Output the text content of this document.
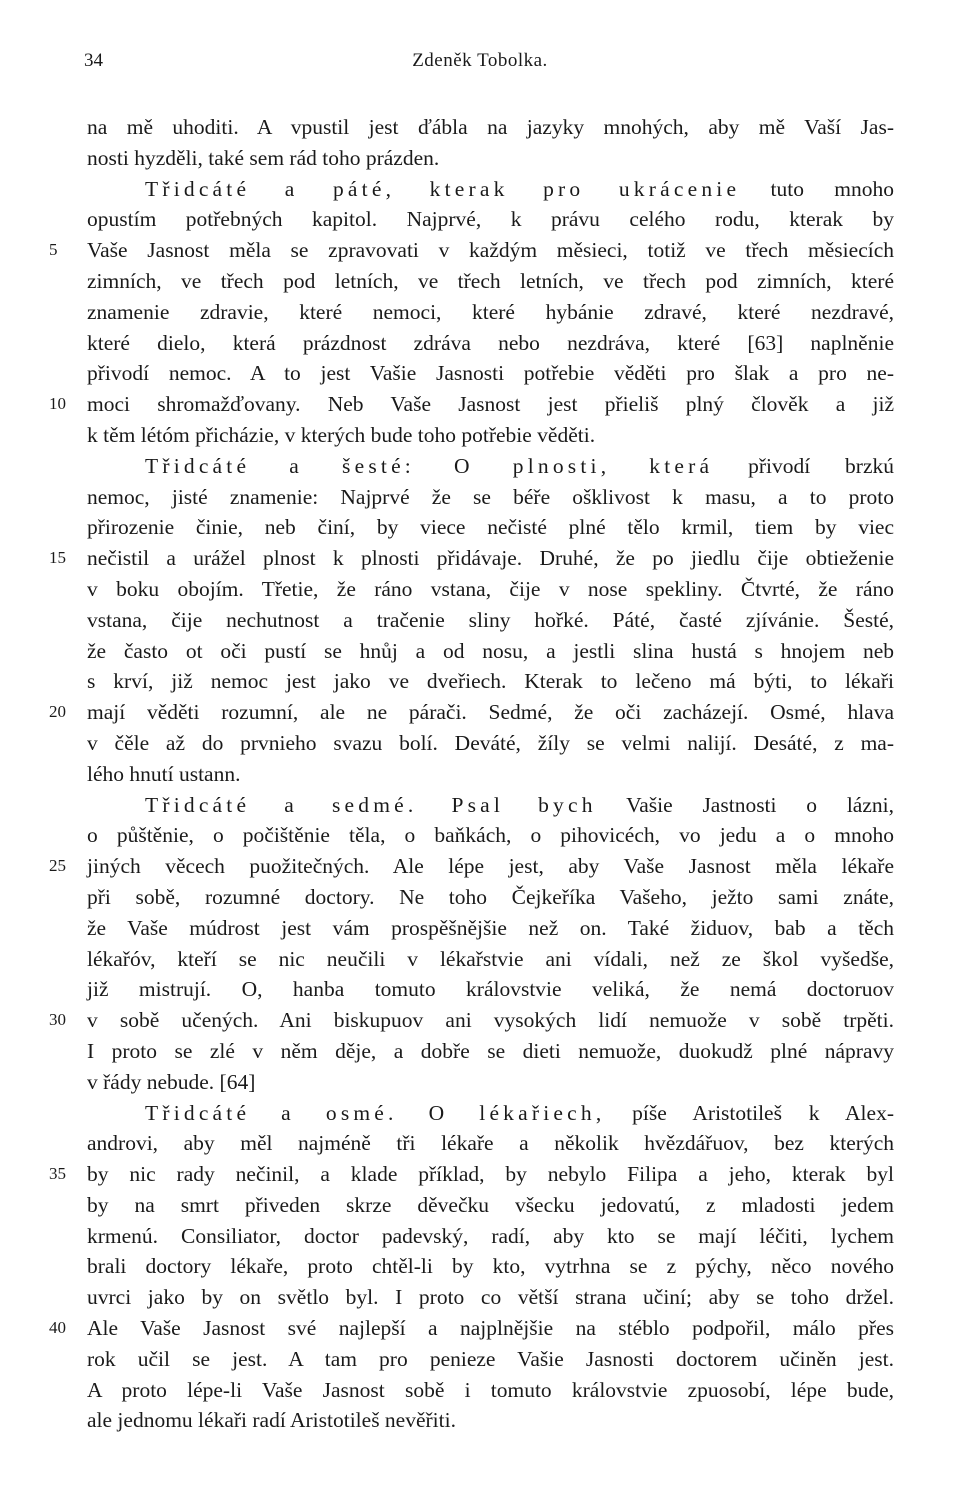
34	Zdeněk Tobolka.
na mě uhoditi. A vpustil jest ďábla na jazyky mnohých, aby mě Vaší Jas-
nosti hyzděli, také sem rád toho prázden.
Třidcáté a páté, kterak pro ukrácenie tuto mnoho
opustím potřebných kapitol. Najprvé, k právu celého rodu, kterak by
5	Vaše Jasnost měla se zpravovati v každým měsieci, totiž ve třech měsiecích
zimních, ve třech pod letních, ve třech letních, ve třech pod zimních, které
znamenie zdravie, které nemoci, které hybánie zdravé, které nezdravé,
které dielo, která prázdnost zdráva nebo nezdráva, které [63] naplněnie
přivodí nemoc. A to jest Vašie Jasnosti potřebie věděti pro šlak a pro ne-
10 moci shromažďovany. Neb Vaše Jasnost jest přieliš plný člověk a již
k těm létóm přicházie, v kterých bude toho potřebie věděti.
Třidcáté a šesté: O plnosti, která přivodí brzkú
nemoc, jisté znamenie: Najprvé že se béře ošklivost k masu, a to proto
přirozenie činie, neb činí, by viece nečisté plné tělo krmil, tiem by viec
15 nečistil a urážel plnost k plnosti přidávaje. Druhé, že po jiedlu čije obtieženie
v boku obojím. Třetie, že ráno vstana, čije v nose spekliny. Čtvrté, že ráno
vstana, čije nechutnost a tračenie sliny hořké. Páté, časté zjívánie. Šesté,
že často ot oči pustí se hnůj a od nosu, a jestli slina hustá s hnojem neb
s krví, již nemoc jest jako ve dveřiech. Kterak to lečeno má býti, to lékaři
20 mají věděti rozumní, ale ne párači. Sedmé, že oči zacházejí. Osmé, hlava
v čěle až do prvnieho svazu bolí. Deváté, žíly se velmi nalijí. Desáté, z ma-
lého hnutí ustann.
Třidcáté a sedmé. Psal bych Vašie Jastnosti o lázni,
o půštěnie, o počištěnie těla, o baňkách, o pihovicéch, vo jedu a o mnoho
25 jiných věcech puožitečných. Ale lépe jest, aby Vaše Jasnost měla lékaře
při sobě, rozumné doctory. Ne toho Čejkeříka Vašeho, ježto sami znáte,
že Vaše múdrost jest vám prospěšnějšie než on. Také židuov, bab a těch
lékařóv, kteří se nic neučili v lékařstvie ani vídali, než ze škol vyšedše,
již mistrují. O, hanba tomuto královstvie veliká, že nemá doctoruov
30 v sobě učených. Ani biskupuov ani vysokých lidí nemuože v sobě trpěti.
I proto se zlé v něm děje, a dobře se dieti nemuože, duokudž plné nápravy
v řády nebude. [64]
Třidcáté a osmé. O lékařiech, píše Aristotileš k Alex-
androvi, aby měl najméně tři lékaře a několik hvězdářuov, bez kterých
35 by nic rady nečinil, a klade příklad, by nebylo Filipa a jeho, kterak byl
by na smrt přiveden skrze děvečku všecku jedovatú, z mladosti jedem
krmenú. Consiliator, doctor padevský, radí, aby kto se mají léčiti, lychem
brali doctory lékaře, proto chtěl-li by kto, vytrhna se z pýchy, něco nového
uvrci jako by on světlo byl. I proto co větší strana učiní; aby se toho držel.
40 Ale Vaše Jasnost své najlepší a najplnějšie na stéblo podpořil, málo přes
rok učil se jest. A tam pro penieze Vašie Jasnosti doctorem učiněn jest.
A proto lépe-li Vaše Jasnost sobě i tomuto královstvie zpuosobí, lépe bude,
ale jednomu lékaři radí Aristotileš nevěřiti.
